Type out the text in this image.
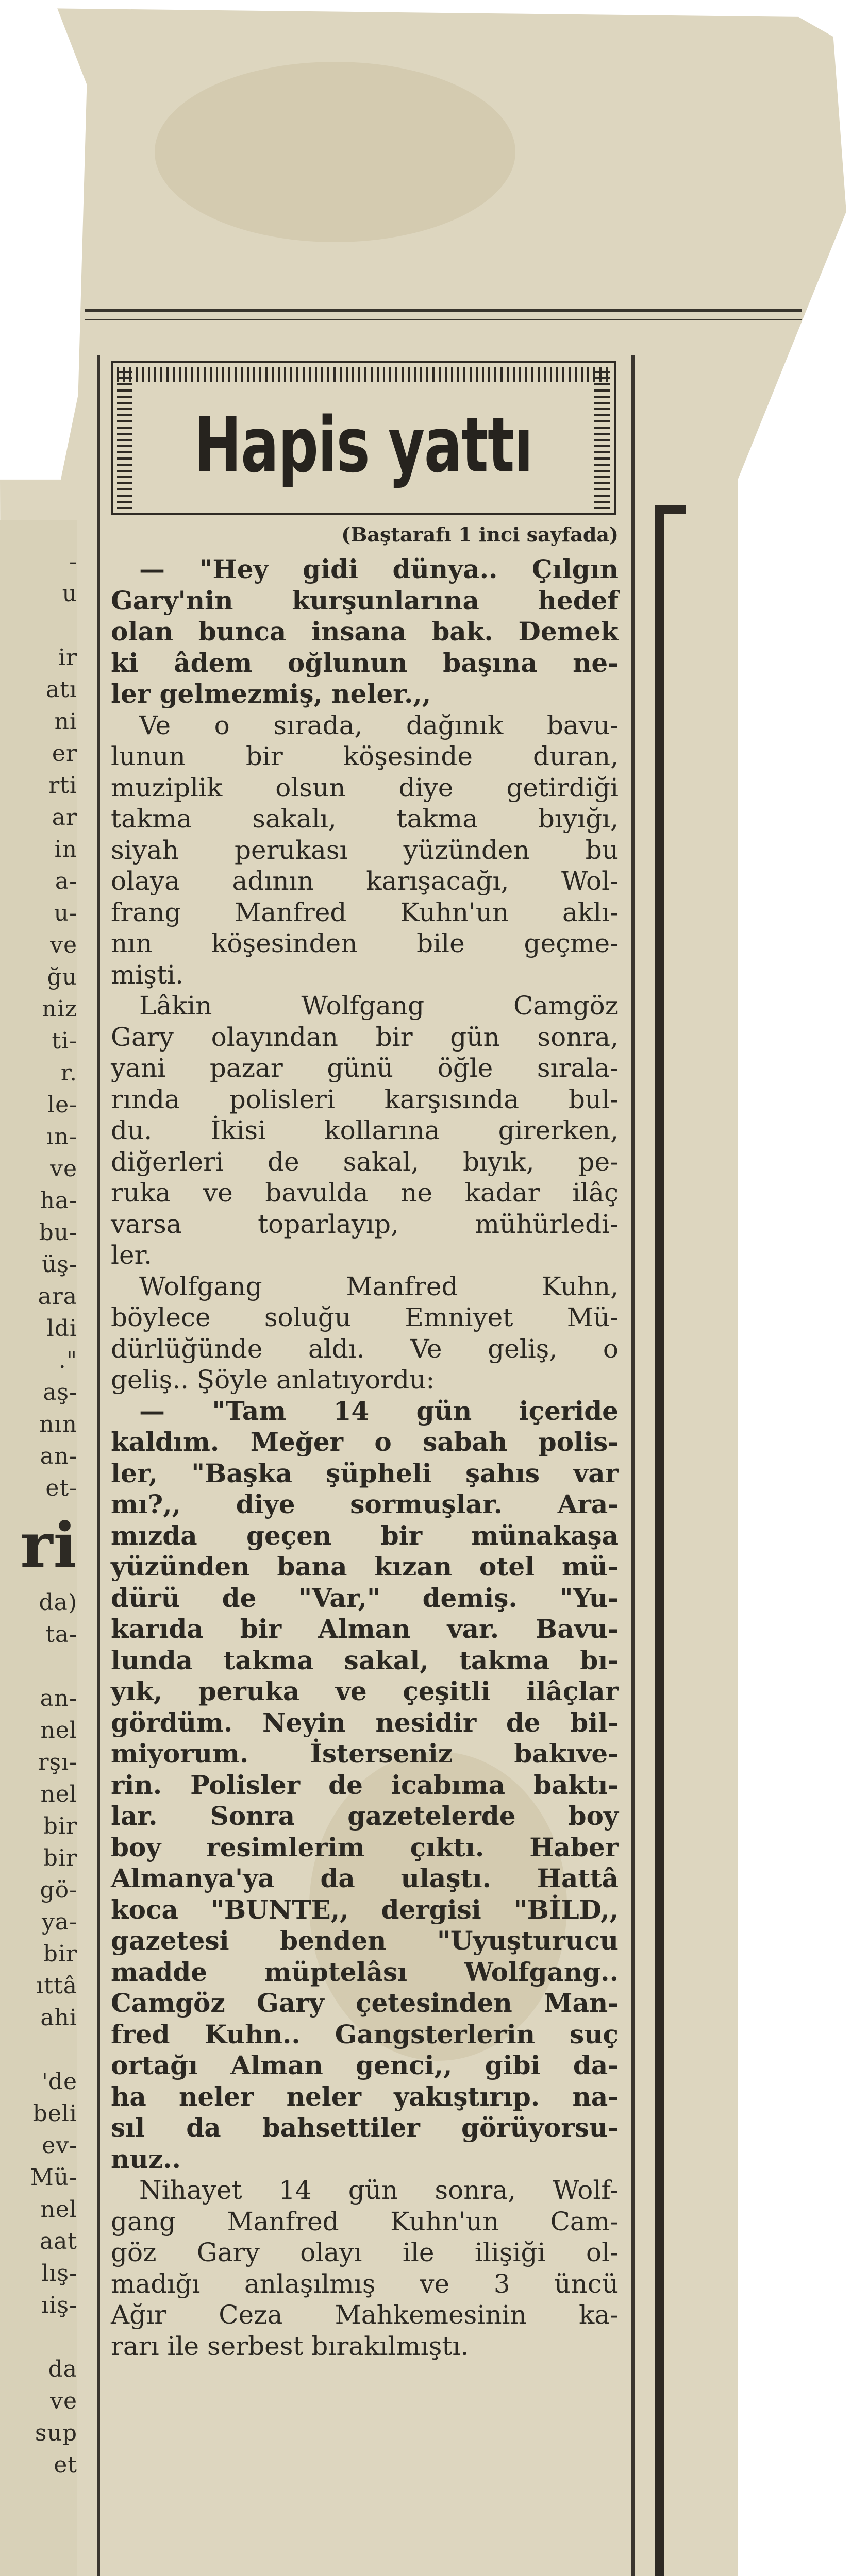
-
u

ir
atı
ni
er
rti
ar
in
a-
u-
ve
ğu
niz
ti-
r.
le-
ın-
ve
ha-
bu-
üş-
ara
ldi
."
aş-
nın
an-
et-
ri
da)
ta-

an-
nel
rşı-
nel
bir
bir
gö-
ya-
bir
ıttâ
ahi

'de
beli
ev-
Mü-
nel
aat
lış-
ıiş-

da
ve
sup
et
Hapis yattı
(Baştarafı 1 inci sayfada)
— "Hey gidi dünya.. Çılgın
Gary'nin kurşunlarına hedef
olan bunca insana bak. Demek
ki âdem oğlunun başına ne-
ler gelmezmiş, neler.,,
Ve o sırada, dağınık bavu-
lunun bir köşesinde duran,
muziplik olsun diye getirdiği
takma sakalı, takma bıyığı,
siyah perukası yüzünden bu
olaya adının karışacağı, Wol-
frang Manfred Kuhn'un aklı-
nın köşesinden bile geçme-
mişti.
Lâkin Wolfgang Camgöz
Gary olayından bir gün sonra,
yani pazar günü öğle sırala-
rında polisleri karşısında bul-
du. İkisi kollarına girerken,
diğerleri de sakal, bıyık, pe-
ruka ve bavulda ne kadar ilâç
varsa toparlayıp, mühürledi-
ler.
Wolfgang Manfred Kuhn,
böylece soluğu Emniyet Mü-
dürlüğünde aldı. Ve geliş, o
geliş.. Şöyle anlatıyordu:
— "Tam 14 gün içeride
kaldım. Meğer o sabah polis-
ler, "Başka şüpheli şahıs var
mı?,, diye sormuşlar. Ara-
mızda geçen bir münakaşa
yüzünden bana kızan otel mü-
dürü de "Var," demiş. "Yu-
karıda bir Alman var. Bavu-
lunda takma sakal, takma bı-
yık, peruka ve çeşitli ilâçlar
gördüm. Neyin nesidir de bil-
miyorum. İsterseniz bakıve-
rin. Polisler de icabıma baktı-
lar. Sonra gazetelerde boy
boy resimlerim çıktı. Haber
Almanya'ya da ulaştı. Hattâ
koca "BUNTE,, dergisi "BİLD,,
gazetesi benden "Uyuşturucu
madde müptelâsı Wolfgang..
Camgöz Gary çetesinden Man-
fred Kuhn.. Gangsterlerin suç
ortağı Alman genci,, gibi da-
ha neler neler yakıştırıp. na-
sıl da bahsettiler görüyorsu-
nuz..
Nihayet 14 gün sonra, Wolf-
gang Manfred Kuhn'un Cam-
göz Gary olayı ile ilişiği ol-
madığı anlaşılmış ve 3 üncü
Ağır Ceza Mahkemesinin ka-
rarı ile serbest bırakılmıştı.
